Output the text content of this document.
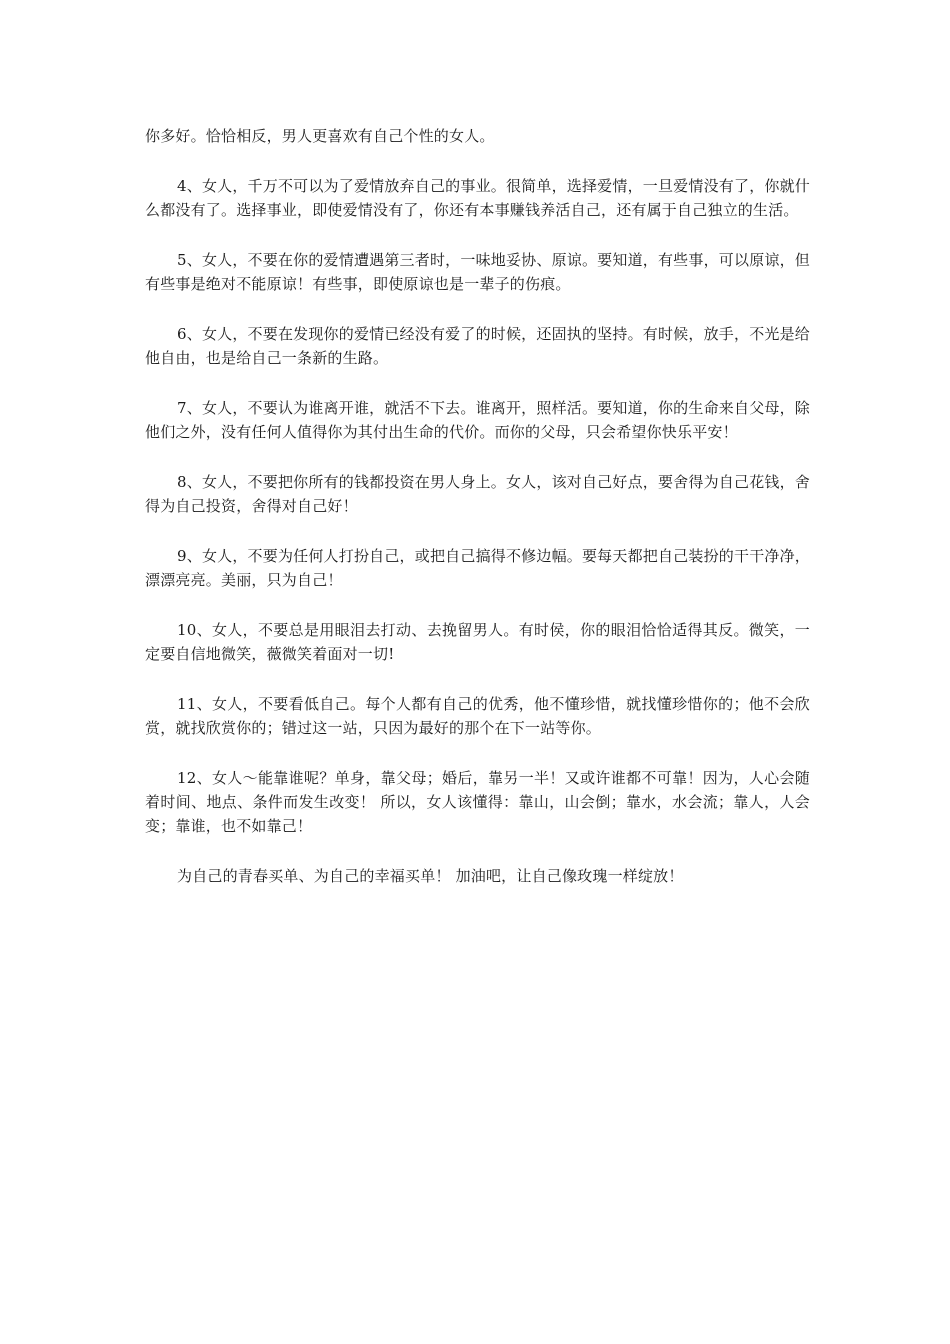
你多好。恰恰相反，男人更喜欢有自己个性的女人。

4、女人，千万不可以为了爱情放弃自己的事业。很简单，选择爱情，一旦爱情没有了，你就什么都没有了。选择事业，即使爱情没有了，你还有本事赚钱养活自己，还有属于自己独立的生活。

5、女人，不要在你的爱情遭遇第三者时，一味地妥协、原谅。要知道，有些事，可以原谅，但有些事是绝对不能原谅！有些事，即使原谅也是一辈子的伤痕。

6、女人，不要在发现你的爱情已经没有爱了的时候，还固执的坚持。有时候，放手，不光是给他自由，也是给自己一条新的生路。

7、女人，不要认为谁离开谁，就活不下去。谁离开，照样活。要知道，你的生命来自父母，除他们之外，没有任何人值得你为其付出生命的代价。而你的父母，只会希望你快乐平安！

8、女人，不要把你所有的钱都投资在男人身上。女人，该对自己好点，要舍得为自己花钱，舍得为自己投资，舍得对自己好！

9、女人，不要为任何人打扮自己，或把自己搞得不修边幅。要每天都把自己装扮的干干净净，漂漂亮亮。美丽，只为自己！

10、女人，不要总是用眼泪去打动、去挽留男人。有时侯，你的眼泪恰恰适得其反。微笑，一定要自信地微笑，薇微笑着面对一切!

11、女人，不要看低自己。每个人都有自己的优秀，他不懂珍惜，就找懂珍惜你的；他不会欣赏，就找欣赏你的；错过这一站，只因为最好的那个在下一站等你。

12、女人～能靠谁呢？单身，靠父母；婚后，靠另一半！又或许谁都不可靠！因为，人心会随着时间、地点、条件而发生改变！ 所以，女人该懂得：靠山，山会倒；靠水，水会流；靠人，人会变；靠谁，也不如靠己！

为自己的青春买单、为自己的幸福买单！ 加油吧，让自己像玫瑰一样绽放！
